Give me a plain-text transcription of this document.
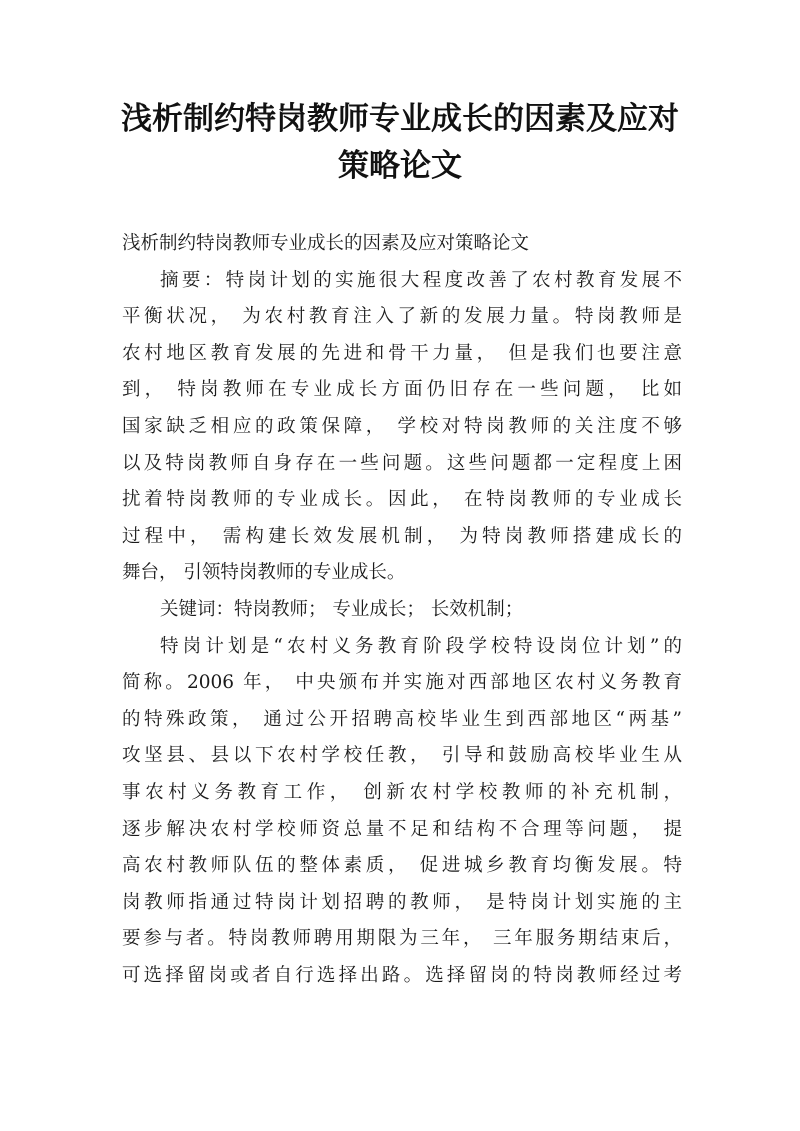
浅析制约特岗教师专业成长的因素及应对
策略论文
浅析制约特岗教师专业成长的因素及应对策略论文
摘要：特岗计划的实施很大程度改善了农村教育发展不
平衡状况， 为农村教育注入了新的发展力量。特岗教师是
农村地区教育发展的先进和骨干力量， 但是我们也要注意
到， 特岗教师在专业成长方面仍旧存在一些问题， 比如
国家缺乏相应的政策保障， 学校对特岗教师的关注度不够
以及特岗教师自身存在一些问题。这些问题都一定程度上困
扰着特岗教师的专业成长。因此， 在特岗教师的专业成长
过程中， 需构建长效发展机制， 为特岗教师搭建成长的
舞台， 引领特岗教师的专业成长。
关键词：特岗教师； 专业成长； 长效机制；
特岗计划是“农村义务教育阶段学校特设岗位计划”的
简称。2006 年， 中央颁布并实施对西部地区农村义务教育
的特殊政策， 通过公开招聘高校毕业生到西部地区“两基”
攻坚县、县以下农村学校任教， 引导和鼓励高校毕业生从
事农村义务教育工作， 创新农村学校教师的补充机制，
逐步解决农村学校师资总量不足和结构不合理等问题， 提
高农村教师队伍的整体素质， 促进城乡教育均衡发展。特
岗教师指通过特岗计划招聘的教师， 是特岗计划实施的主
要参与者。特岗教师聘用期限为三年， 三年服务期结束后，
可选择留岗或者自行选择出路。选择留岗的特岗教师经过考
